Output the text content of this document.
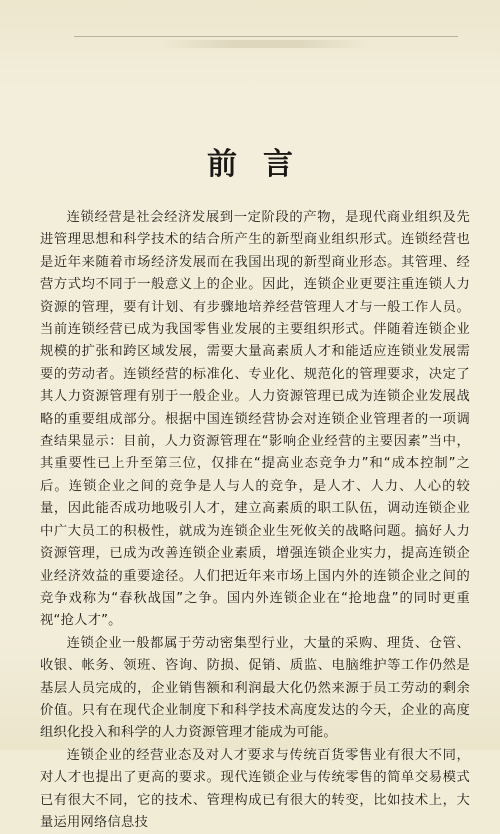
前言

连锁经营是社会经济发展到一定阶段的产物，是现代商业组织及先进管理思想和科学技术的结合所产生的新型商业组织形式。连锁经营也是近年来随着市场经济发展而在我国出现的新型商业形态。其管理、经营方式均不同于一般意义上的企业。因此，连锁企业更要注重连锁人力资源的管理，要有计划、有步骤地培养经营管理人才与一般工作人员。当前连锁经营已成为我国零售业发展的主要组织形式。伴随着连锁企业规模的扩张和跨区域发展，需要大量高素质人才和能适应连锁业发展需要的劳动者。连锁经营的标准化、专业化、规范化的管理要求，决定了其人力资源管理有别于一般企业。人力资源管理已成为连锁企业发展战略的重要组成部分。根据中国连锁经营协会对连锁企业管理者的一项调查结果显示：目前，人力资源管理在“影响企业经营的主要因素”当中，其重要性已上升至第三位，仅排在“提高业态竞争力”和“成本控制”之后。连锁企业之间的竞争是人与人的竞争，是人才、人力、人心的较量，因此能否成功地吸引人才，建立高素质的职工队伍，调动连锁企业中广大员工的积极性，就成为连锁企业生死攸关的战略问题。搞好人力资源管理，已成为改善连锁企业素质，增强连锁企业实力，提高连锁企业经济效益的重要途径。人们把近年来市场上国内外的连锁企业之间的竞争戏称为“春秋战国”之争。国内外连锁企业在“抢地盘”的同时更重视“抢人才”。

连锁企业一般都属于劳动密集型行业，大量的采购、理货、仓管、收银、帐务、领班、咨询、防损、促销、质监、电脑维护等工作仍然是基层人员完成的，企业销售额和利润最大化仍然来源于员工劳动的剩余价值。只有在现代企业制度下和科学技术高度发达的今天，企业的高度组织化投入和科学的人力资源管理才能成为可能。

连锁企业的经营业态及对人才要求与传统百货零售业有很大不同，对人才也提出了更高的要求。现代连锁企业与传统零售的简单交易模式已有很大不同，它的技术、管理构成已有很大的转变，比如技术上，大量运用网络信息技
